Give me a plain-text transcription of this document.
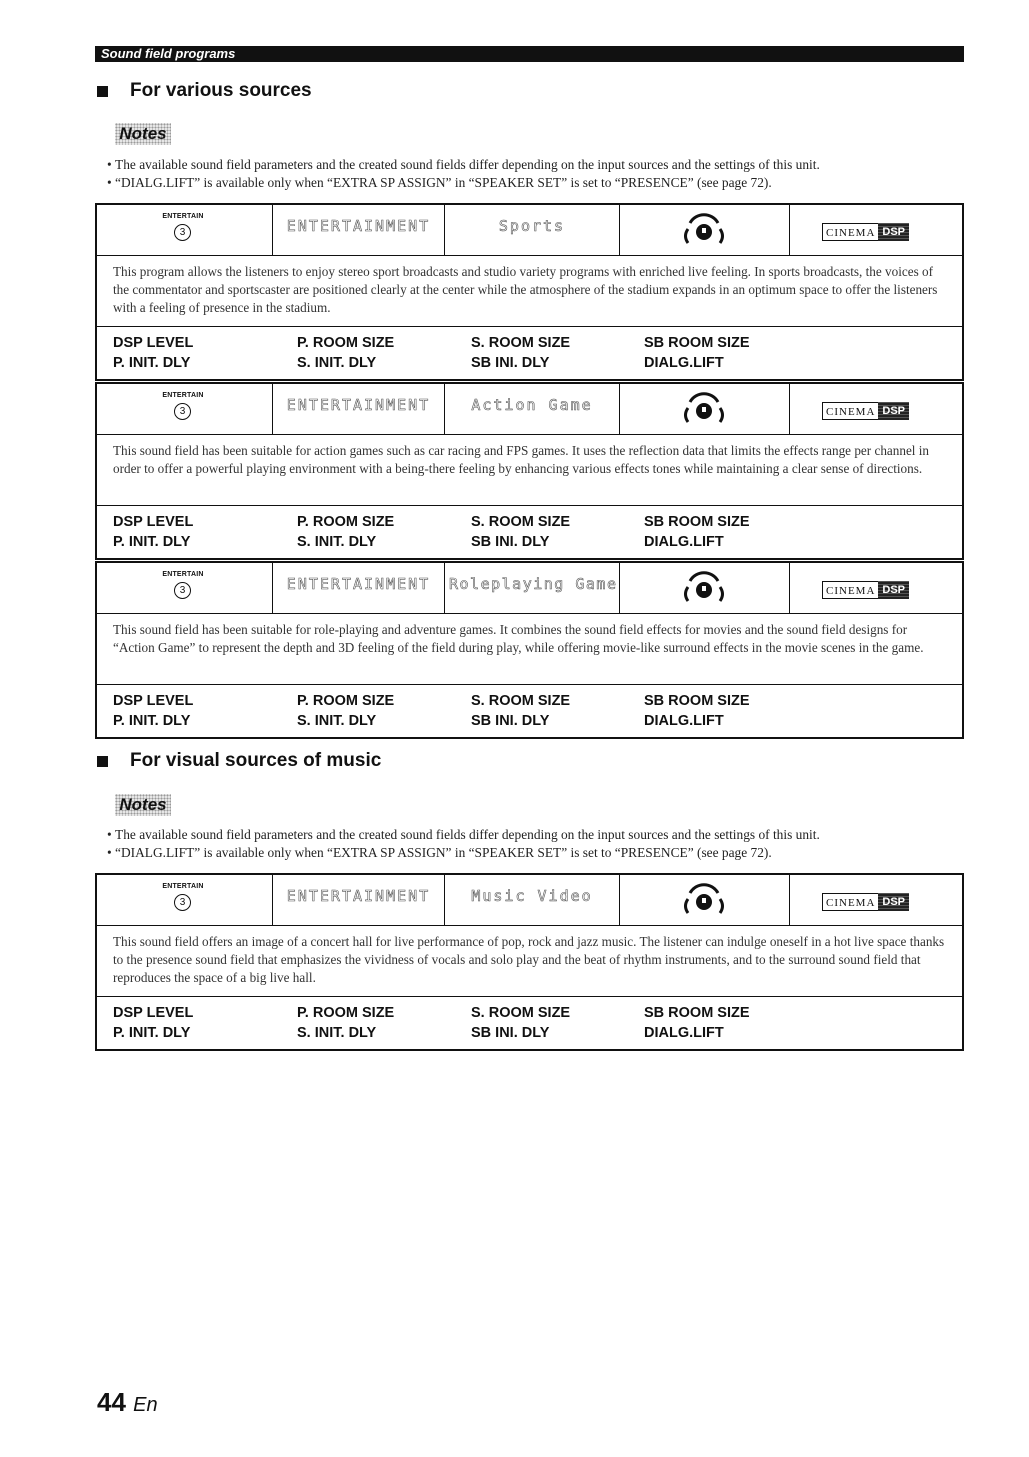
Sound field programs
For various sources
Notes
• The available sound field parameters and the created sound fields differ depending on the input sources and the settings of this unit.
• “DIALG.LIFT” is available only when “EXTRA SP ASSIGN” in “SPEAKER SET” is set to “PRESENCE” (see page 72).
ENTERTAIN
3	ENTERTAINMENT	Sports	CINEMA DSP
This program allows the listeners to enjoy stereo sport broadcasts and studio variety programs with enriched live feeling. In sports broadcasts, the voices of the commentator and sportscaster are positioned clearly at the center while the atmosphere of the stadium expands in an optimum space to offer the listeners with a feeling of presence in the stadium.
DSP LEVEL	P. ROOM SIZE	S. ROOM SIZE	SB ROOM SIZE
P. INIT. DLY	S. INIT. DLY	SB INI. DLY	DIALG.LIFT
ENTERTAIN
3	ENTERTAINMENT	Action Game	CINEMA DSP
This sound field has been suitable for action games such as car racing and FPS games. It uses the reflection data that limits the effects range per channel in order to offer a powerful playing environment with a being-there feeling by enhancing various effects tones while maintaining a clear sense of directions.
DSP LEVEL	P. ROOM SIZE	S. ROOM SIZE	SB ROOM SIZE
P. INIT. DLY	S. INIT. DLY	SB INI. DLY	DIALG.LIFT
ENTERTAIN
3	ENTERTAINMENT	Roleplaying Game	CINEMA DSP
This sound field has been suitable for role-playing and adventure games. It combines the sound field effects for movies and the sound field designs for “Action Game” to represent the depth and 3D feeling of the field during play, while offering movie-like surround effects in the movie scenes in the game.
DSP LEVEL	P. ROOM SIZE	S. ROOM SIZE	SB ROOM SIZE
P. INIT. DLY	S. INIT. DLY	SB INI. DLY	DIALG.LIFT
For visual sources of music
Notes
• The available sound field parameters and the created sound fields differ depending on the input sources and the settings of this unit.
• “DIALG.LIFT” is available only when “EXTRA SP ASSIGN” in “SPEAKER SET” is set to “PRESENCE” (see page 72).
ENTERTAIN
3	ENTERTAINMENT	Music Video	CINEMA DSP
This sound field offers an image of a concert hall for live performance of pop, rock and jazz music. The listener can indulge oneself in a hot live space thanks to the presence sound field that emphasizes the vividness of vocals and solo play and the beat of rhythm instruments, and to the surround sound field that reproduces the space of a big live hall.
DSP LEVEL	P. ROOM SIZE	S. ROOM SIZE	SB ROOM SIZE
P. INIT. DLY	S. INIT. DLY	SB INI. DLY	DIALG.LIFT
44 En
